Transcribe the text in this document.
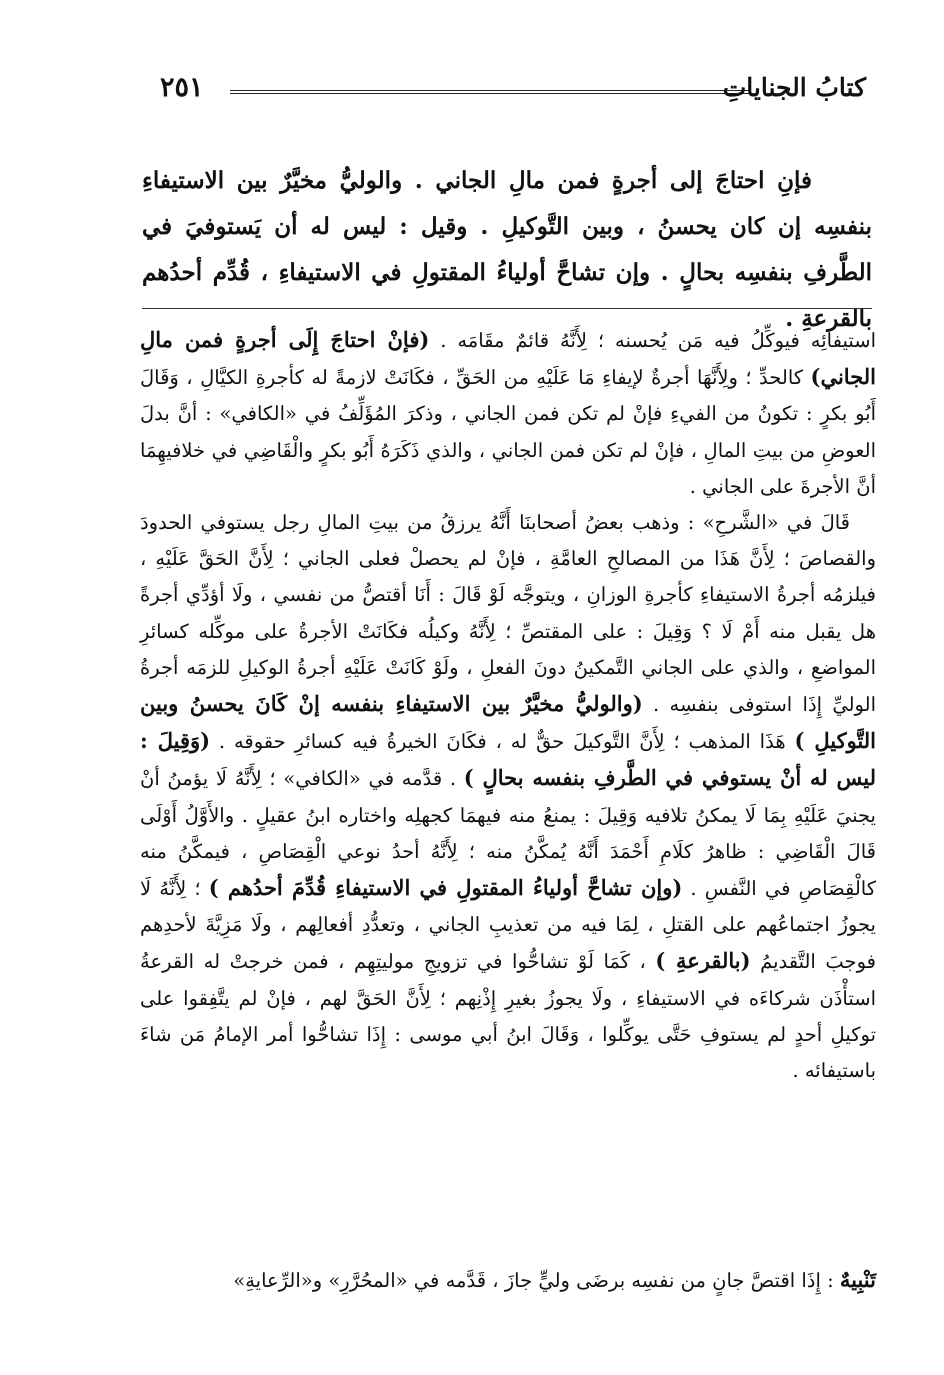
٢٥١	كتابُ الجناياتِ

فإنِ احتاجَ إلى أجرةٍ فمن مالِ الجاني . والوليُّ مخيَّرٌ بين الاستيفاءِ بنفسِه إن كان يحسنُ ، وبين التَّوكيلِ . وقيل : ليس له أن يَستوفيَ في الطَّرفِ بنفسِه بحالٍ . وإن تشاحَّ أولياءُ المقتولِ في الاستيفاءِ ، قُدِّم أحدُهم بالقرعةِ .

استيفائِه فيوكِّلُ فيه مَن يُحسنه ؛ لِأَنَّهُ قائمٌ مقَامَه . (فإنْ احتاجَ إِلَى أجرةٍ فمن مالِ الجاني) كالحدِّ ؛ ولِأَنَّهَا أجرةٌ لإيفاءِ مَا عَلَيْهِ من الحَقِّ ، فكَانَتْ لازمةً له كأجرةِ الكيَّالِ ، وَقَالَ أَبُو بكرٍ : تكونُ من الفيءِ فإنْ لم تكن فمن الجاني ، وذكرَ المُؤَلِّفُ في «الكافي» : أنَّ بدلَ العوضِ من بيتِ المالِ ، فإنْ لم تكن فمن الجاني ، والذي ذَكَرَهُ أَبُو بكرٍ والْقَاضِي في خلافيهِمَا أنَّ الأجرةَ على الجاني .

قَالَ في «الشَّرحِ» : وذهب بعضُ أصحابنَا أَنَّهُ يرزقُ من بيتِ المالِ رجل يستوفي الحدودَ والقصاصَ ؛ لِأَنَّ هَذَا من المصالحِ العامَّةِ ، فإنْ لم يحصلْ فعلى الجاني ؛ لِأَنَّ الحَقَّ عَلَيْهِ ، فيلزمُه أجرةُ الاستيفاءِ كأجرةِ الوزانِ ، ويتوجَّه لَوْ قَالَ : أَنَا أقتصُّ من نفسي ، ولَا أؤدِّي أجرةً هل يقبل منه أَمْ لَا ؟ وَقِيلَ : على المقتصِّ ؛ لِأَنَّهُ وكيلُه فكَانَتْ الأجرةُ على موكِّله كسائرِ المواضعِ ، والذي على الجاني التَّمكينُ دونَ الفعلِ ، ولَوْ كَانَتْ عَلَيْهِ أجرةُ الوكيلِ للزمَه أجرةُ الوليِّ إِذَا استوفى بنفسِه . (والوليُّ مخيَّرٌ بين الاستيفاءِ بنفسه إنْ كَانَ يحسنُ وبين التَّوكيلِ ) هَذَا المذهب ؛ لِأَنَّ التَّوكيلَ حقٌّ له ، فكَانَ الخيرةُ فيه كسائرِ حقوقه . (وَقِيلَ : ليس له أنْ يستوفي في الطَّرفِ بنفسه بحالٍ ) . قدَّمه في «الكافي» ؛ لِأَنَّهُ لَا يؤمنُ أنْ يجنيَ عَلَيْهِ بِمَا لَا يمكنُ تلافيه وَقِيلَ : يمنعُ منه فيهمَا كجهلِه واختاره ابنُ عقيلٍ . والأَوَّلُ أَوْلَى قَالَ الْقَاضِي : ظاهرُ كلَامِ أَحْمَدَ أَنَّهُ يُمكَّنُ منه ؛ لِأَنَّهُ أحدُ نوعي الْقِصَاصِ ، فيمكَّنُ منه كالْقِصَاصِ في النَّفسِ . (وإن تشاحَّ أولياءُ المقتولِ في الاستيفاءِ قُدِّمَ أحدُهم ) ؛ لِأَنَّهُ لَا يجوزُ اجتماعُهم على القتلِ ، لِمَا فيه من تعذيبِ الجاني ، وتعدُّدِ أفعالِهم ، ولَا مَزِيَّةَ لأحدِهم فوجبَ التَّقديمُ (بالقرعةِ ) ، كَمَا لَوْ تشاحُّوا في تزويجِ موليتِهِم ، فمن خرجتْ له القرعةُ استأْذَن شركاءَه في الاستيفاءِ ، ولَا يجوزُ بغيرِ إِذْنِهم ؛ لِأَنَّ الحَقَّ لهم ، فإنْ لم يتَّفِقوا على توكيلِ أحدٍ لم يستوفِ حَتَّى يوكِّلوا ، وَقَالَ ابنُ أبي موسى : إِذَا تشاحُّوا أمر الإمامُ مَن شاءَ باستيفائه .

تَنْبِيهٌ : إِذَا اقتصَّ جانٍ من نفسِه برضَى وليٍّ جازَ ، قَدَّمه في «المحُرَّرِ» و«الرِّعايةِ»
